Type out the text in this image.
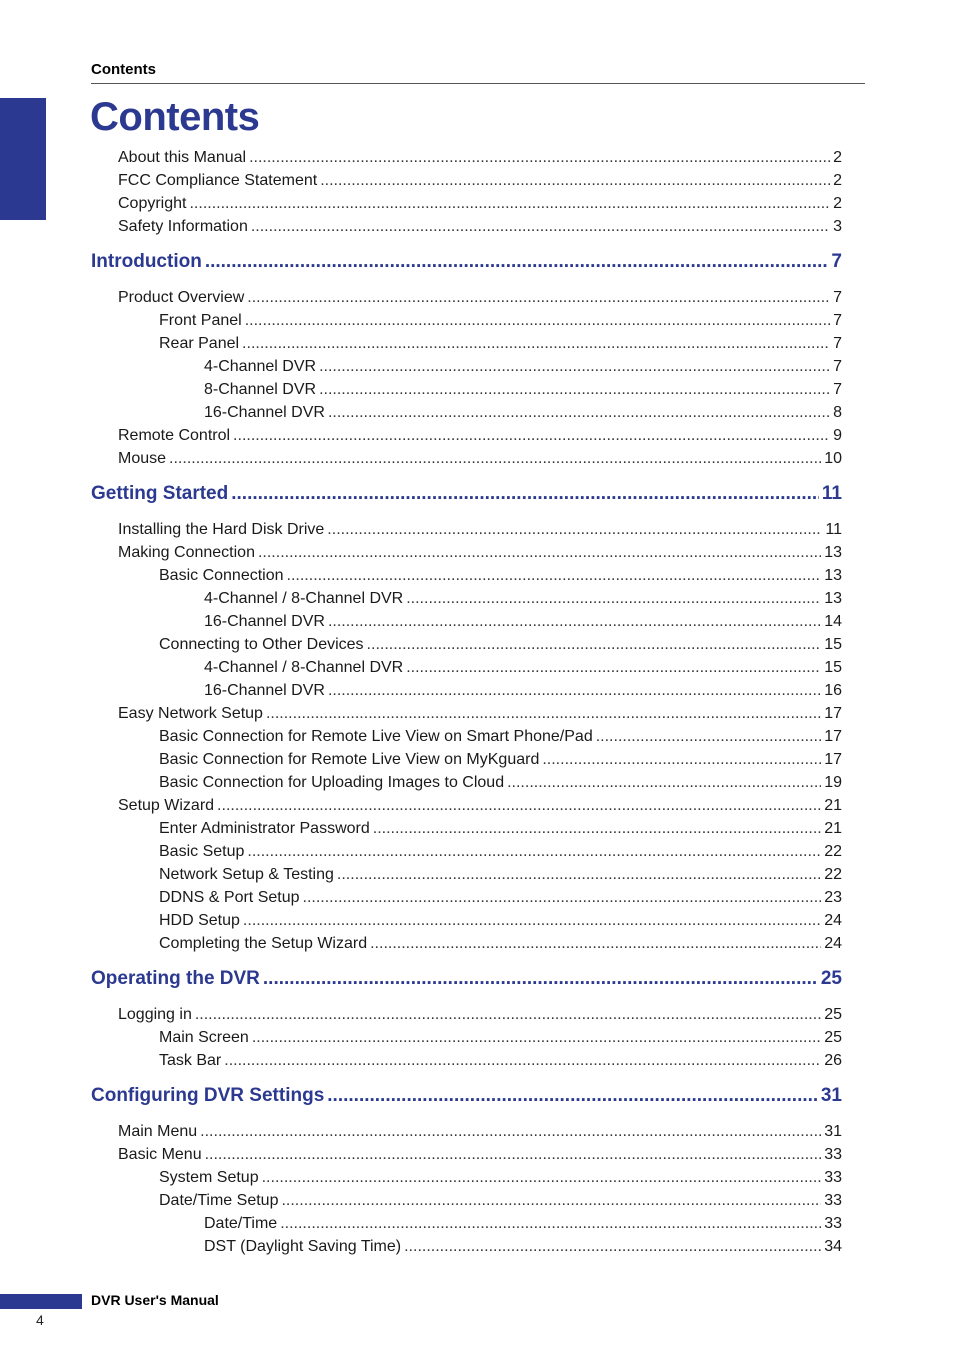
Contents
ENGLISH
Contents
About this Manual .....	2
FCC Compliance Statement .....	2
Copyright .....	2
Safety Information .....	3
Introduction .....	7
Product Overview .....	7
Front Panel .....	7
Rear Panel .....	7
4-Channel DVR .....	7
8-Channel DVR .....	7
16-Channel DVR .....	8
Remote Control .....	9
Mouse .....	10
Getting Started .....	11
Installing the Hard Disk Drive .....	11
Making Connection .....	13
Basic Connection .....	13
4-Channel / 8-Channel DVR .....	13
16-Channel DVR .....	14
Connecting to Other Devices .....	15
4-Channel / 8-Channel DVR .....	15
16-Channel DVR .....	16
Easy Network Setup .....	17
Basic Connection for Remote Live View on Smart Phone/Pad .....	17
Basic Connection for Remote Live View on MyKguard .....	17
Basic Connection for Uploading Images to Cloud .....	19
Setup Wizard .....	21
Enter Administrator Password .....	21
Basic Setup .....	22
Network Setup & Testing .....	22
DDNS & Port Setup .....	23
HDD Setup .....	24
Completing the Setup Wizard .....	24
Operating the DVR .....	25
Logging in .....	25
Main Screen .....	25
Task Bar .....	26
Configuring DVR Settings .....	31
Main Menu .....	31
Basic Menu .....	33
System Setup .....	33
Date/Time Setup .....	33
Date/Time .....	33
DST (Daylight Saving Time) .....	34
DVR User's Manual
4
